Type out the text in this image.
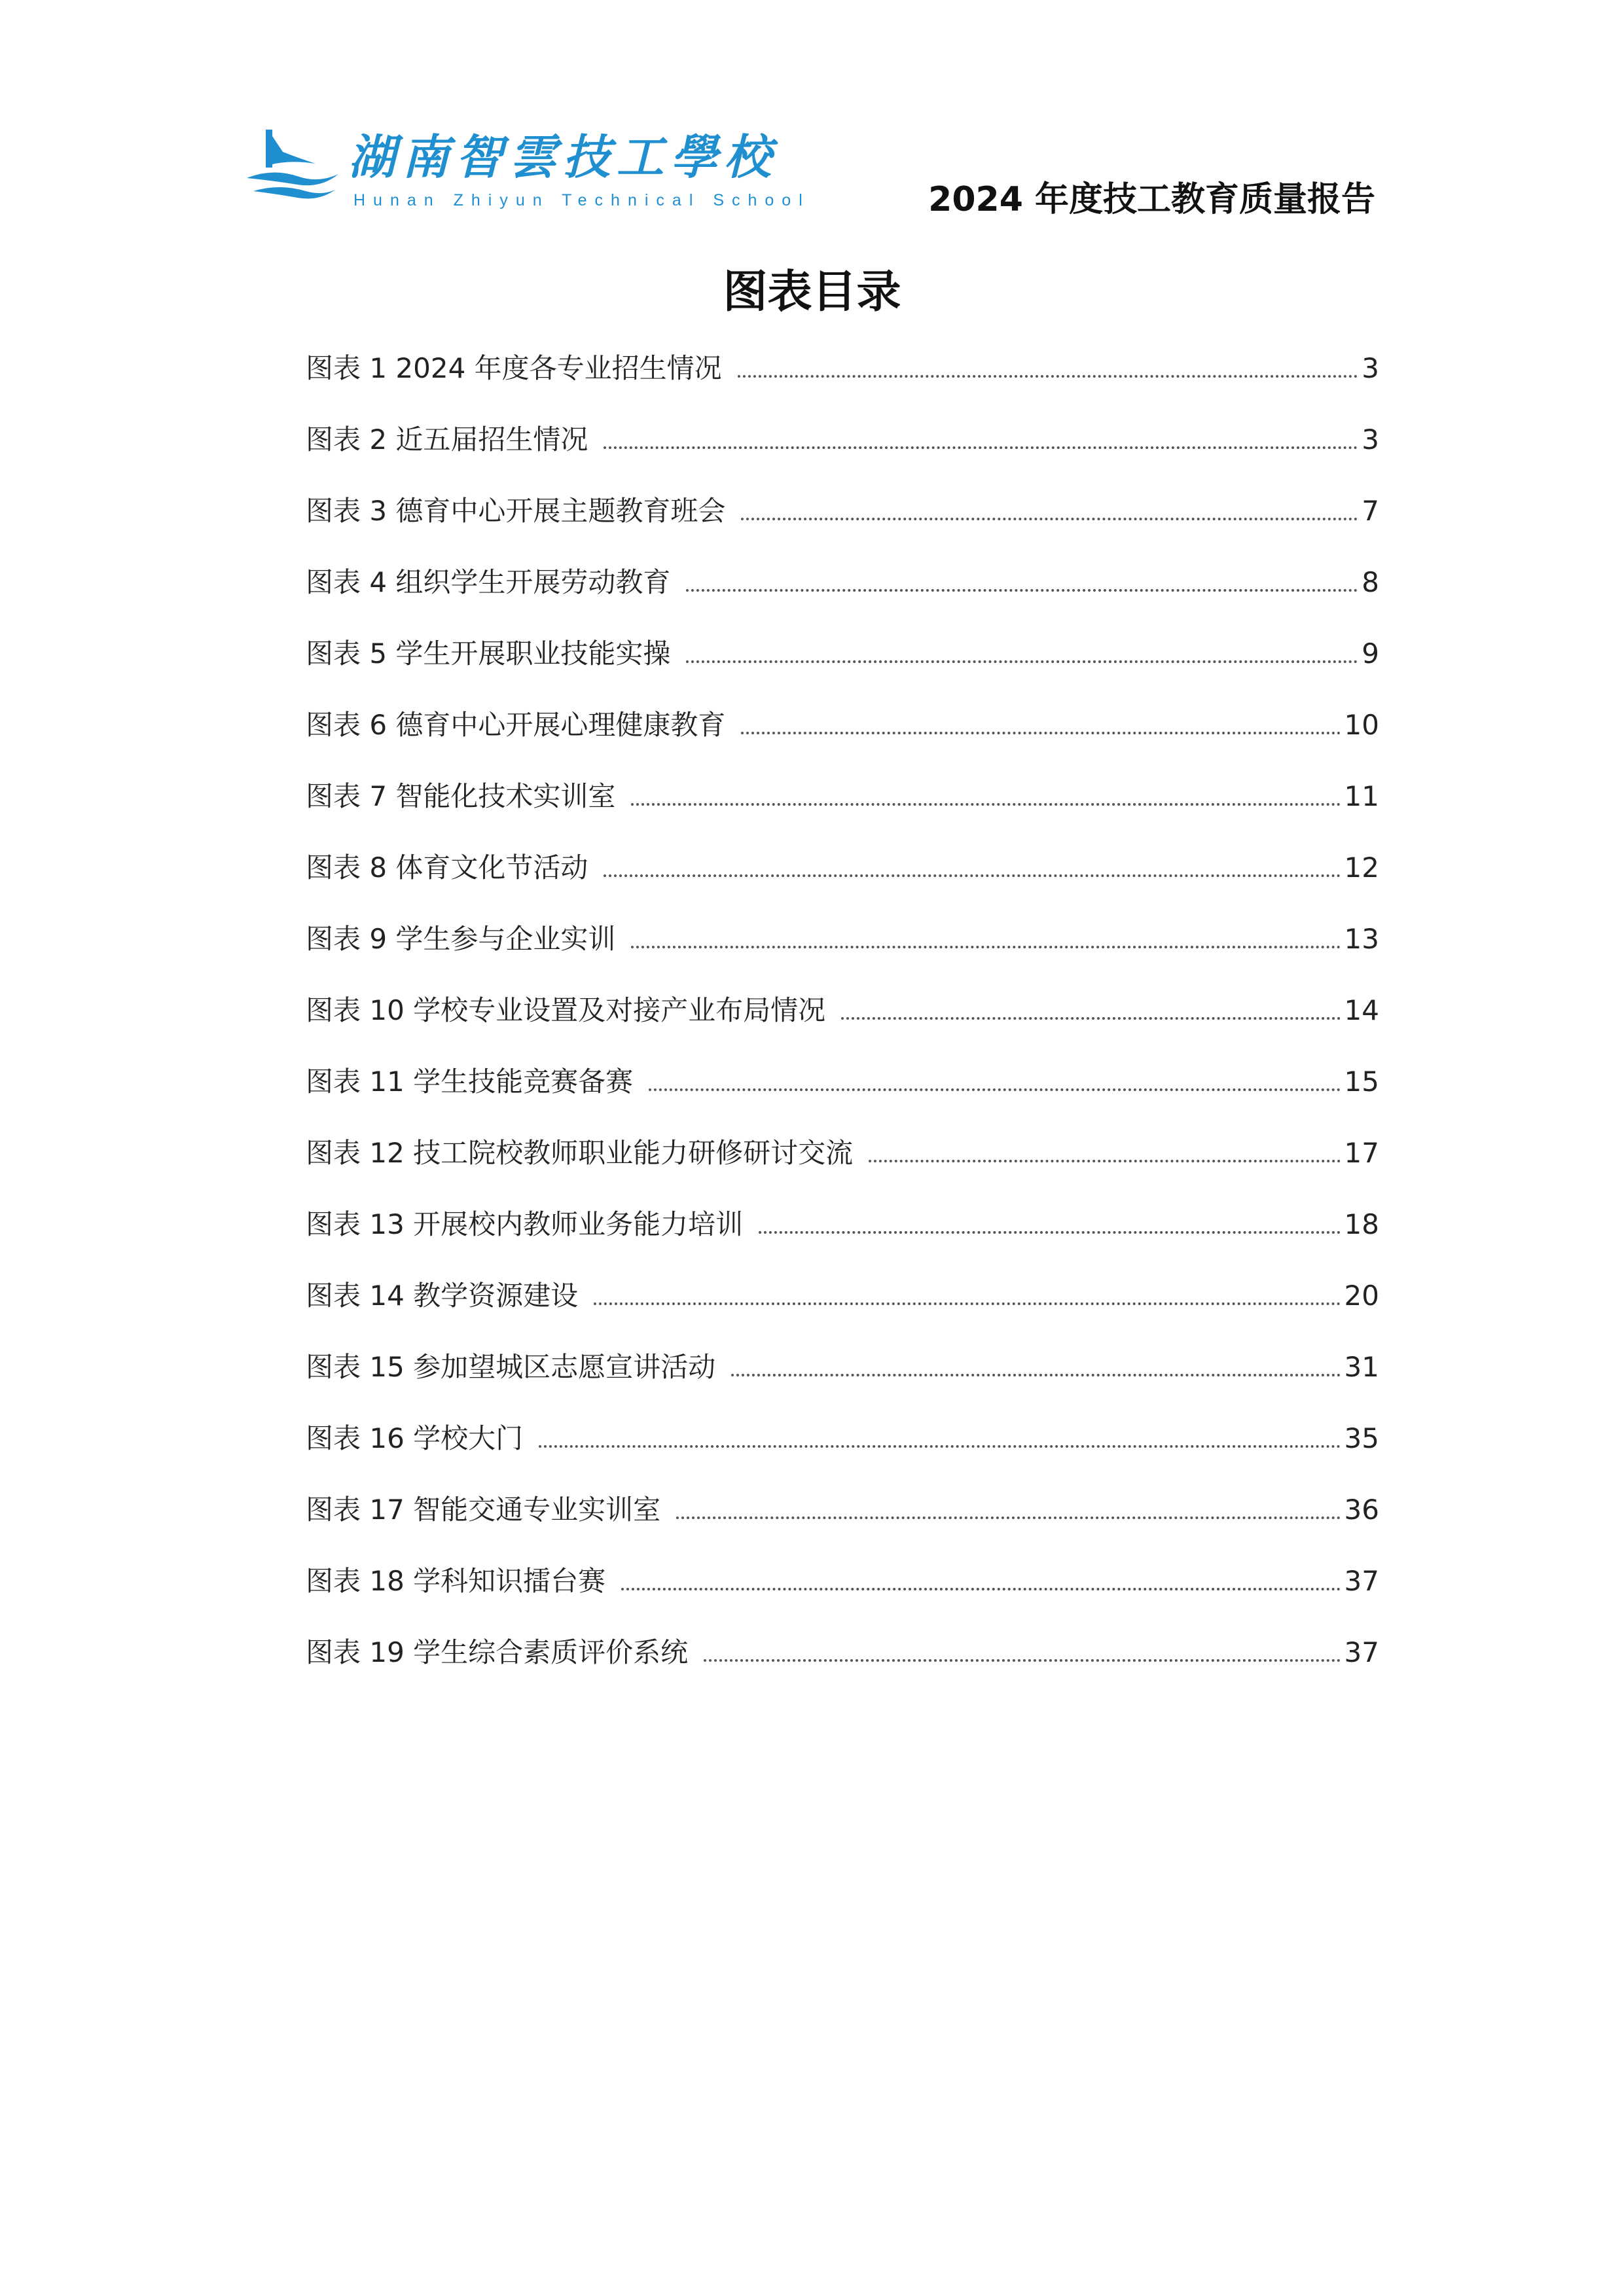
湖南智雲技工學校
Hunan Zhiyun Technical School	2024 年度技工教育质量报告
图表目录
图表 1 2024 年度各专业招生情况	3
图表 2 近五届招生情况	3
图表 3 德育中心开展主题教育班会	7
图表 4 组织学生开展劳动教育	8
图表 5 学生开展职业技能实操	9
图表 6 德育中心开展心理健康教育	10
图表 7 智能化技术实训室	11
图表 8 体育文化节活动	12
图表 9 学生参与企业实训	13
图表 10 学校专业设置及对接产业布局情况	14
图表 11 学生技能竞赛备赛	15
图表 12 技工院校教师职业能力研修研讨交流	17
图表 13 开展校内教师业务能力培训	18
图表 14 教学资源建设	20
图表 15 参加望城区志愿宣讲活动	31
图表 16 学校大门	35
图表 17 智能交通专业实训室	36
图表 18 学科知识擂台赛	37
图表 19 学生综合素质评价系统	37
